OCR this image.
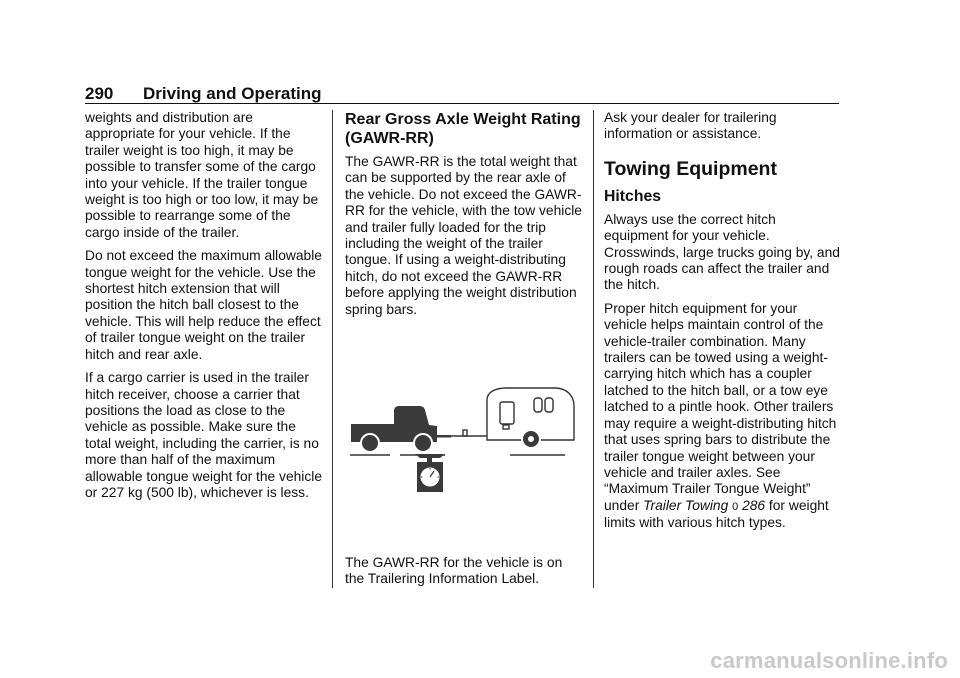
290 Driving and Operating

weights and distribution are appropriate for your vehicle. If the trailer weight is too high, it may be possible to transfer some of the cargo into your vehicle. If the trailer tongue weight is too high or too low, it may be possible to rearrange some of the cargo inside of the trailer.

Do not exceed the maximum allowable tongue weight for the vehicle. Use the shortest hitch extension that will position the hitch ball closest to the vehicle. This will help reduce the effect of trailer tongue weight on the trailer hitch and rear axle.

If a cargo carrier is used in the trailer hitch receiver, choose a carrier that positions the load as close to the vehicle as possible. Make sure the total weight, including the carrier, is no more than half of the maximum allowable tongue weight for the vehicle or 227 kg (500 lb), whichever is less.

Rear Gross Axle Weight Rating (GAWR-RR)

The GAWR-RR is the total weight that can be supported by the rear axle of the vehicle. Do not exceed the GAWR-RR for the vehicle, with the tow vehicle and trailer fully loaded for the trip including the weight of the trailer tongue. If using a weight-distributing hitch, do not exceed the GAWR-RR before applying the weight distribution spring bars.

The GAWR-RR for the vehicle is on the Trailering Information Label.

Ask your dealer for trailering information or assistance.

Towing Equipment
Hitches

Always use the correct hitch equipment for your vehicle. Crosswinds, large trucks going by, and rough roads can affect the trailer and the hitch.

Proper hitch equipment for your vehicle helps maintain control of the vehicle-trailer combination. Many trailers can be towed using a weight-carrying hitch which has a coupler latched to the hitch ball, or a tow eye latched to a pintle hook. Other trailers may require a weight-distributing hitch that uses spring bars to distribute the trailer tongue weight between your vehicle and trailer axles. See “Maximum Trailer Tongue Weight” under Trailer Towing 0 286 for weight limits with various hitch types.

carmanualsonline.info
